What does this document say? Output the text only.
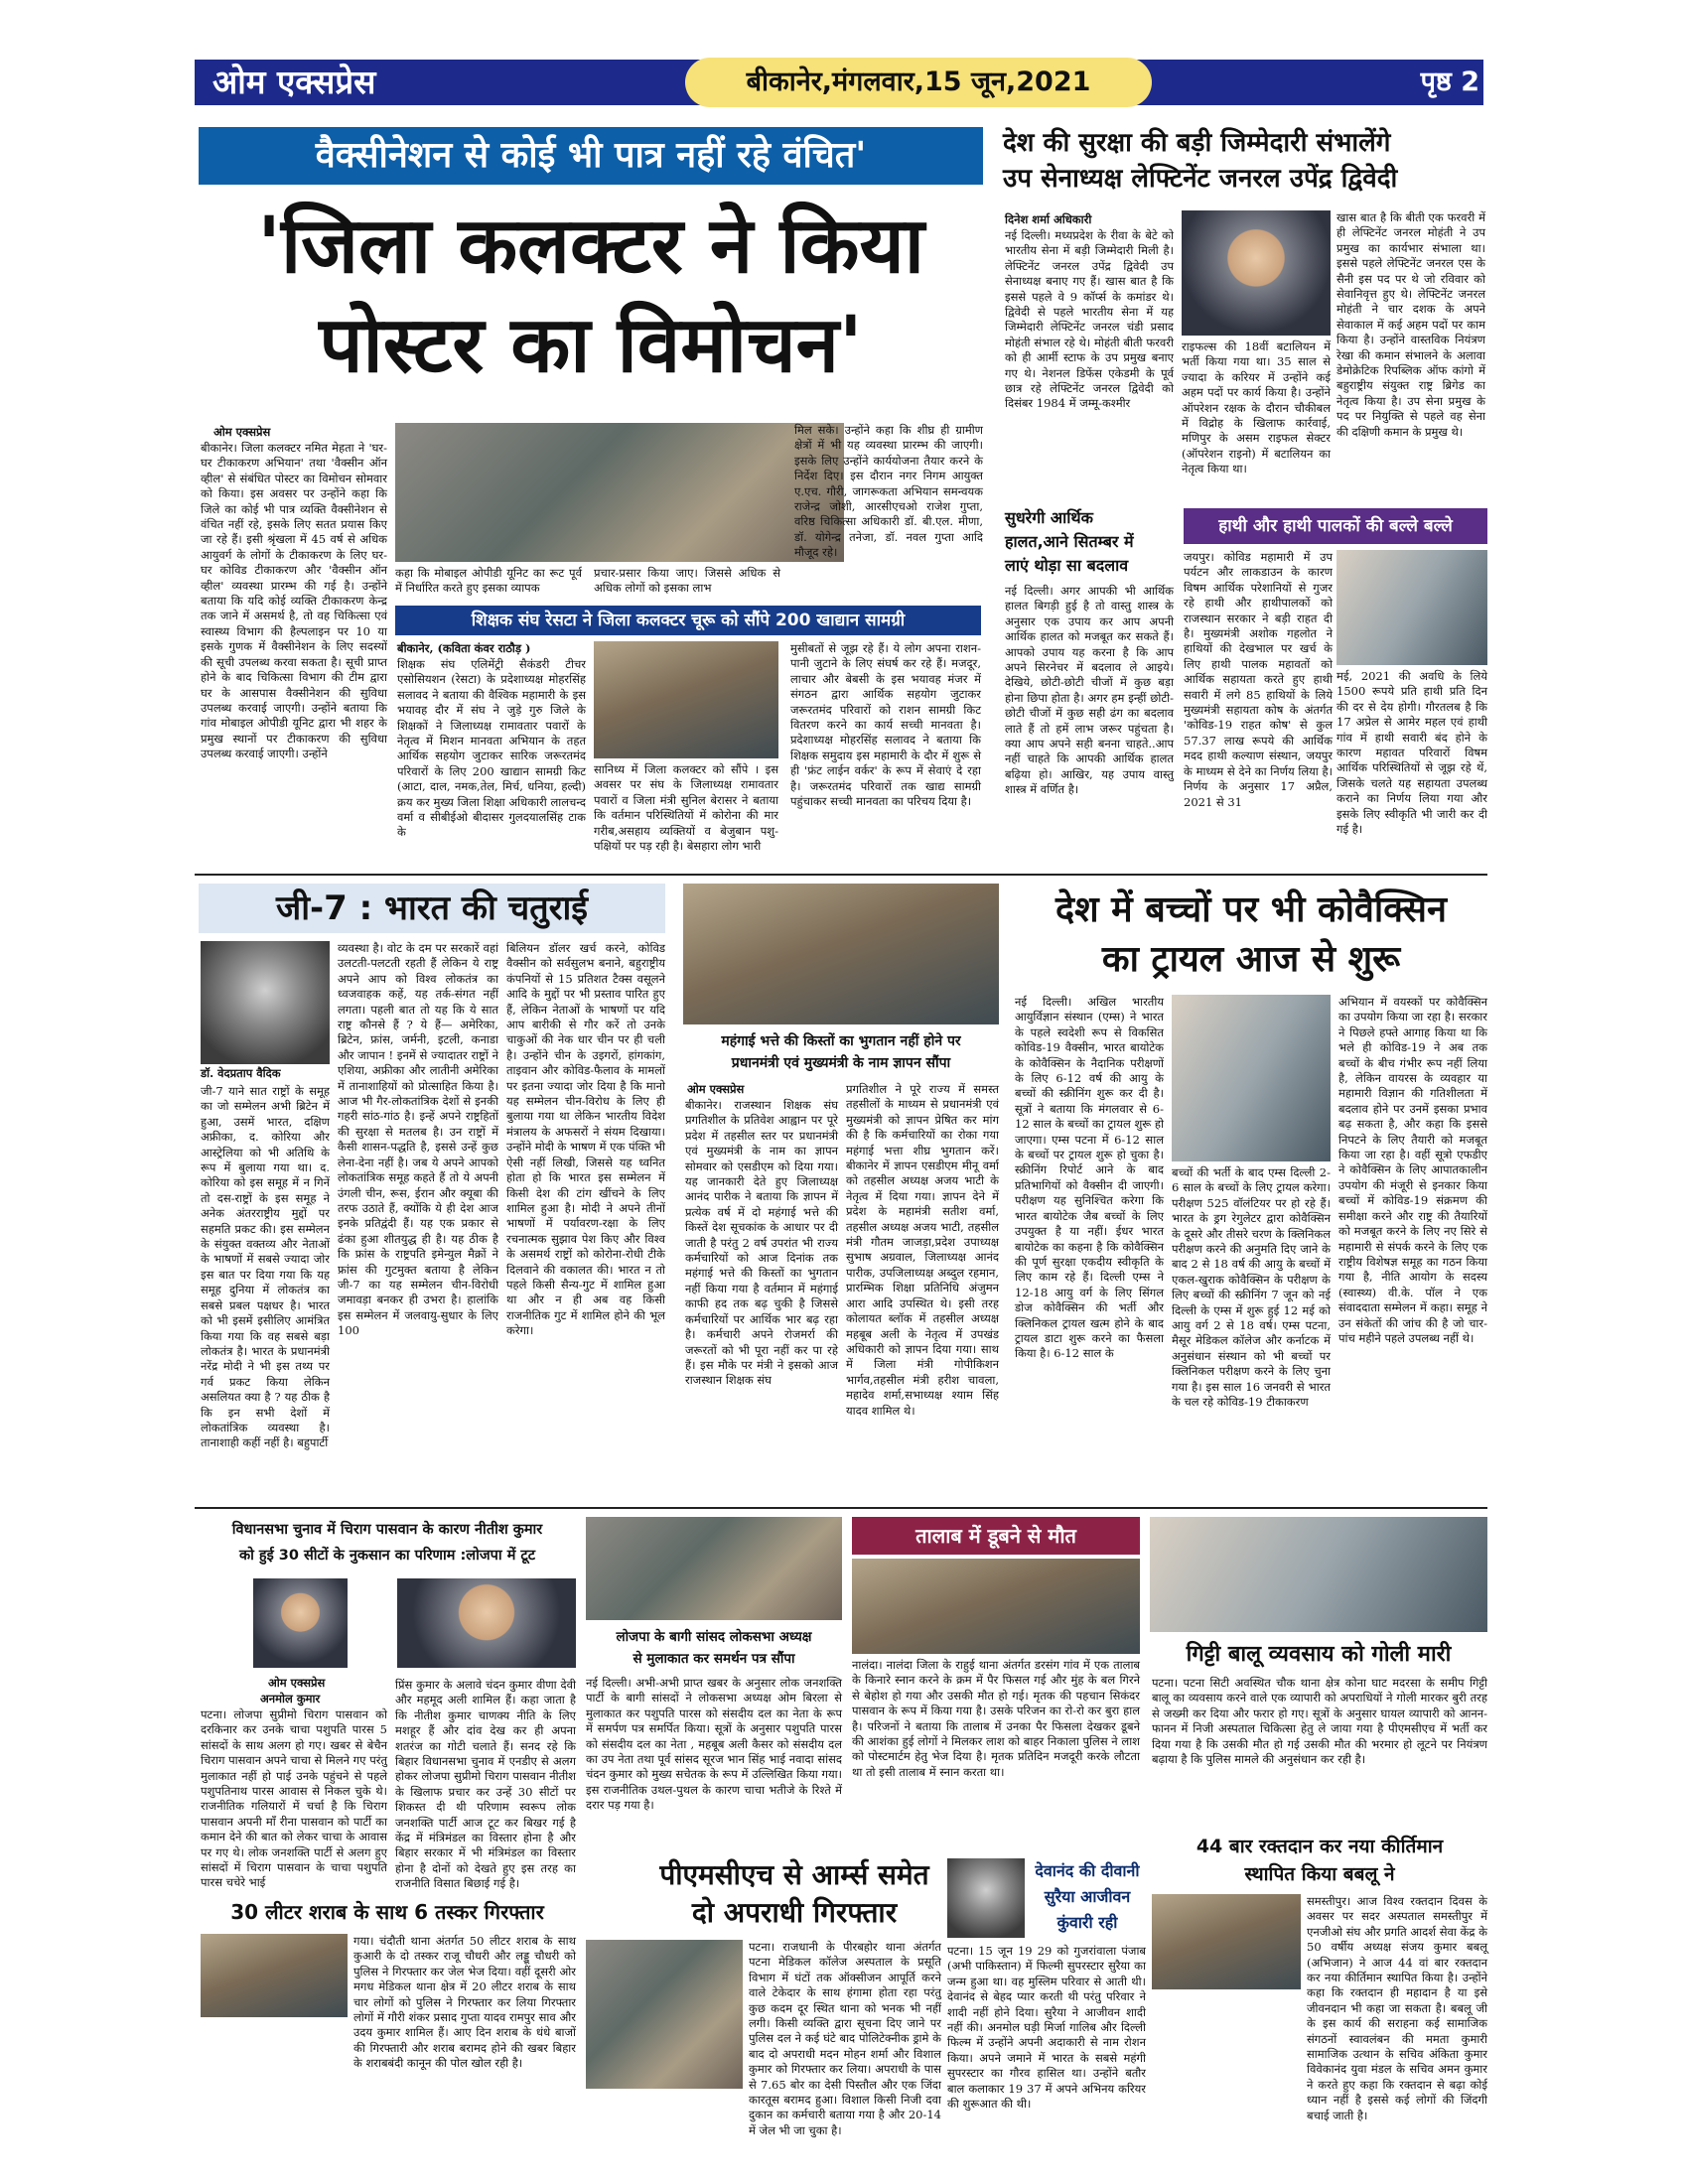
ओम एक्सप्रेस	बीकानेर,मंगलवार,15 जून,2021	पृष्ठ 2
वैक्सीनेशन से कोई भी पात्र नहीं रहे वंचित'
'जिला कलक्टर ने किया
पोस्टर का विमोचन'
ओम एक्सप्रेस
बीकानेर। जिला कलक्टर नमित मेहता ने 'घर-घर टीकाकरण अभियान' तथा 'वैक्सीन ऑन व्हील' से संबंधित पोस्टर का विमोचन सोमवार को किया। इस अवसर पर उन्होंने कहा कि जिले का कोई भी पात्र व्यक्ति वैक्सीनेशन से वंचित नहीं रहे, इसके लिए सतत प्रयास किए जा रहे हैं। इसी श्रृंखला में 45 वर्ष से अधिक आयुवर्ग के लोगों के टीकाकरण के लिए घर-घर कोविड टीकाकरण और 'वैक्सीन ऑन व्हील' व्यवस्था प्रारम्भ की गई है। उन्होंने बताया कि यदि कोई व्यक्ति टीकाकरण केन्द्र तक जाने में असमर्थ है, तो वह चिकित्सा एवं स्वास्थ्य विभाग की हैल्पलाइन पर 10 या इसके गुणक में वैक्सीनेशन के लिए सदस्यों की सूची उपलब्ध करवा सकता है। सूची प्राप्त होने के बाद चिकित्सा विभाग की टीम द्वारा घर के आसपास वैक्सीनेशन की सुविधा उपलब्ध करवाई जाएगी। उन्होंने बताया कि गांव मोबाइल ओपीडी यूनिट द्वारा भी शहर के प्रमुख स्थानों पर टीकाकरण की सुविधा उपलब्ध करवाई जाएगी। उन्होंने
कहा कि मोबाइल ओपीडी यूनिट का रूट पूर्व में निर्धारित करते हुए इसका व्यापक
प्रचार-प्रसार किया जाए। जिससे अधिक से अधिक लोगों को इसका लाभ
मिल सके। उन्होंने कहा कि शीघ्र ही ग्रामीण क्षेत्रों में भी यह व्यवस्था प्रारम्भ की जाएगी। इसके लिए उन्होंने कार्ययोजना तैयार करने के निर्देश दिए। इस दौरान नगर निगम आयुक्त ए.एच. गौरी, जागरूकता अभियान समन्वयक राजेन्द्र जोशी, आरसीएचओ राजेश गुप्ता, वरिष्ठ चिकित्सा अधिकारी डॉ. बी.एल. मीणा, डॉ. योगेन्द्र तनेजा, डॉ. नवल गुप्ता आदि मौजूद रहे।
शिक्षक संघ रेसटा ने जिला कलक्टर चूरू को सौंपे 200 खाद्यान सामग्री
बीकानेर, (कविता कंवर राठौड़ )
शिक्षक संघ एलिमेंट्री सैकंडरी टीचर एसोसियशन (रेसटा) के प्रदेशाध्यक्ष मोहरसिंह सलावद ने बताया की वैश्विक महामारी के इस भयावह दौर में संघ ने जुड़े गुरु जिले के शिक्षकों ने जिलाध्यक्ष रामावतार पवारों के नेतृत्व में मिशन मानवता अभियान के तहत आर्थिक सहयोग जुटाकर सारिक जरूरतमंद परिवारों के लिए 200 खाद्यान सामग्री किट (आटा, दाल, नमक,तेल, मिर्च, धनिया, हल्दी) क्रय कर मुख्य जिला शिक्षा अधिकारी लालचन्द वर्मा व सीबीईओ बीदासर गुलदयालसिंह टाक के
सानिध्य में जिला कलक्टर को सौंपे । इस अवसर पर संघ के जिलाध्यक्ष रामावतार पवारों व जिला मंत्री सुनिल बेरासर ने बताया कि वर्तमान परिस्थितियों में कोरोना की मार गरीब,असहाय व्यक्तियों व बेजुबान पशु-पक्षियों पर पड़ रही है। बेसहारा लोग भारी
मुसीबतों से जूझ रहे हैं। ये लोग अपना राशन-पानी जुटाने के लिए संघर्ष कर रहे हैं। मजदूर, लाचार और बेबसी के इस भयावह मंजर में संगठन द्वारा आर्थिक सहयोग जुटाकर जरूरतमंद परिवारों को राशन सामग्री किट वितरण करने का कार्य सच्ची मानवता है। प्रदेशाध्यक्ष मोहरसिंह सलावद ने बताया कि शिक्षक समुदाय इस महामारी के दौर में शुरू से ही 'फ्रंट लाईन वर्कर' के रूप में सेवाएं दे रहा है। जरूरतमंद परिवारों तक खाद्य सामग्री पहुंचाकर सच्ची मानवता का परिचय दिया है।
देश की सुरक्षा की बड़ी जिम्मेदारी संभालेंगे
उप सेनाध्यक्ष लेफ्टिनेंट जनरल उपेंद्र द्विवेदी
दिनेश शर्मा अधिकारी
नई दिल्ली। मध्यप्रदेश के रीवा के बेटे को भारतीय सेना में बड़ी जिम्मेदारी मिली है। लेफ्टिनेंट जनरल उपेंद्र द्विवेदी उप सेनाध्यक्ष बनाए गए हैं। खास बात है कि इससे पहले वे 9 कॉर्प्स के कमांडर थे। द्विवेदी से पहले भारतीय सेना में यह जिम्मेदारी लेफ्टिनेंट जनरल चंडी प्रसाद मोहंती संभाल रहे थे। मोहंती बीती फरवरी को ही आर्मी स्टाफ के उप प्रमुख बनाए गए थे। नेशनल डिफेंस एकेडमी के पूर्व छात्र रहे लेफ्टिनेंट जनरल द्विवेदी को दिसंबर 1984 में जम्मू-कश्मीर
राइफल्स की 18वीं बटालियन में भर्ती किया गया था। 35 साल से ज्यादा के करियर में उन्होंने कई अहम पदों पर कार्य किया है। उन्होंने ऑपरेशन रक्षक के दौरान चौकीबल में विद्रोह के खिलाफ कार्रवाई, मणिपुर के असम राइफल सेक्टर (ऑपरेशन राइनो) में बटालियन का नेतृत्व किया था।
खास बात है कि बीती एक फरवरी में ही लेफ्टिनेंट जनरल मोहंती ने उप प्रमुख का कार्यभार संभाला था। इससे पहले लेफ्टिनेंट जनरल एस के सैनी इस पद पर थे जो रविवार को सेवानिवृत्त हुए थे। लेफ्टिनेंट जनरल मोहंती ने चार दशक के अपने सेवाकाल में कई अहम पदों पर काम किया है। उन्होंने वास्तविक नियंत्रण रेखा की कमान संभालने के अलावा डेमोक्रेटिक रिपब्लिक ऑफ कांगो में बहुराष्ट्रीय संयुक्त राष्ट्र ब्रिगेड का नेतृत्व किया है। उप सेना प्रमुख के पद पर नियुक्ति से पहले वह सेना की दक्षिणी कमान के प्रमुख थे।
सुधरेगी आर्थिक
हालत,आने सितम्बर में
लाएं थोड़ा सा बदलाव
नई दिल्ली। अगर आपकी भी आर्थिक हालत बिगड़ी हुई है तो वास्तु शास्त्र के अनुसार एक उपाय कर आप अपनी आर्थिक हालत को मजबूत कर सकते हैं। आपको उपाय यह करना है कि आप अपने सिरनेचर में बदलाव ले आइये। देखिये, छोटी-छोटी चीजों में कुछ बड़ा होना छिपा होता है। अगर हम इन्हीं छोटी-छोटी चीजों में कुछ सही ढंग का बदलाव लाते हैं तो हमें लाभ जरूर पहुंचता है। क्या आप अपने सही बनना चाहते..आप नहीं चाहते कि आपकी आर्थिक हालत बढ़िया हो। आखिर, यह उपाय वास्तु शास्त्र में वर्णित है।
हाथी और हाथी पालकों की बल्ले बल्ले
जयपुर। कोविड महामारी में उप पर्यटन और लाकडाउन के कारण विषम आर्थिक परेशानियों से गुजर रहे हाथी और हाथीपालकों को राजस्थान सरकार ने बड़ी राहत दी है। मुख्यमंत्री अशोक गहलोत ने हाथियों की देखभाल पर खर्च के लिए हाथी पालक महावतों को आर्थिक सहायता करते हुए हाथी सवारी में लगे 85 हाथियों के लिये मुख्यमंत्री सहायता कोष के अंतर्गत 'कोविड-19 राहत कोष' से कुल 57.37 लाख रूपये की आर्थिक मदद हाथी कल्याण संस्थान, जयपुर के माध्यम से देने का निर्णय लिया है। निर्णय के अनुसार 17 अप्रैल, 2021 से 31
मई, 2021 की अवधि के लिये 1500 रूपये प्रति हाथी प्रति दिन की दर से देय होगी। गौरतलब है कि 17 अप्रेल से आमेर महल एवं हाथी गांव में हाथी सवारी बंद होने के कारण महावत परिवारों विषम आर्थिक परिस्थितियों से जूझ रहे थें, जिसके चलते यह सहायता उपलब्ध कराने का निर्णय लिया गया और इसके लिए स्वीकृति भी जारी कर दी गई है।
जी-7 : भारत की चतुराई
डॉ. वेदप्रताप वैदिक
जी-7 याने सात राष्ट्रों के समूह का जो सम्मेलन अभी ब्रिटेन में हुआ, उसमें भारत, दक्षिण अफ्रीका, द. कोरिया और आस्ट्रेलिया को भी अतिथि के रूप में बुलाया गया था। द. कोरिया को इस समूह में न गिनें तो दस-राष्ट्रों के इस समूह ने अनेक अंतरराष्ट्रीय मुद्दों पर सहमति प्रकट की। इस सम्मेलन के संयुक्त वक्तव्य और नेताओं के भाषणों में सबसे ज्यादा जोर इस बात पर दिया गया कि यह समूह दुनिया में लोकतंत्र का सबसे प्रबल पक्षधर है। भारत को भी इसमें इसीलिए आमंत्रित किया गया कि वह सबसे बड़ा लोकतंत्र है। भारत के प्रधानमंत्री नरेंद्र मोदी ने भी इस तथ्य पर गर्व प्रकट किया लेकिन असलियत क्या है ? यह ठीक है कि इन सभी देशों में लोकतांत्रिक व्यवस्था है। तानाशाही कहीं नहीं है। बहुपार्टी
व्यवस्था है। वोट के दम पर सरकारें वहां उलटती-पलटती रहती हैं लेकिन ये राष्ट्र अपने आप को विश्व लोकतंत्र का ध्वजवाहक कहें, यह तर्क-संगत नहीं लगता। पहली बात तो यह कि ये सात राष्ट्र कौनसे हैं ? ये हैं— अमेरिका, ब्रिटेन, फ्रांस, जर्मनी, इटली, कनाडा और जापान ! इनमें से ज्यादातर राष्ट्रों ने एशिया, अफ्रीका और लातीनी अमेरिका में तानाशाहियों को प्रोत्साहित किया है। आज भी गैर-लोकतांत्रिक देशों से इनकी गहरी सांठ-गांठ है। इन्हें अपने राष्ट्रहितों की सुरक्षा से मतलब है। उन राष्ट्रों में कैसी शासन-पद्धति है, इससे उन्हें कुछ लेना-देना नहीं है। जब ये अपने आपको लोकतांत्रिक समूह कहते हैं तो ये अपनी उंगली चीन, रूस, ईरान और क्यूबा की तरफ उठाते हैं, क्योंकि ये ही देश आज इनके प्रतिद्वंदी हैं। यह एक प्रकार से ढंका हुआ शीतयुद्ध ही है। यह ठीक है कि फ्रांस के राष्ट्रपति इमेन्युल मैक्रों ने फ्रांस की गुटमुक्त बताया है लेकिन जी-7 का यह सम्मेलन चीन-विरोधी जमावड़ा बनकर ही उभरा है। हालांकि इस सम्मेलन में जलवायु-सुधार के लिए 100
बिलियन डॉलर खर्च करने, कोविड वैक्सीन को सर्वसुलभ बनाने, बहुराष्ट्रीय कंपनियों से 15 प्रतिशत टैक्स वसूलने आदि के मुद्दों पर भी प्रस्ताव पारित हुए हैं, लेकिन नेताओं के भाषणों पर यदि आप बारीकी से गौर करें तो उनके चाकुओं की नेक धार चीन पर ही चली है। उन्होंने चीन के उइगरों, हांगकांग, ताइवान और कोविड-फैलाव के मामलों पर इतना ज्यादा जोर दिया है कि मानो यह सम्मेलन चीन-विरोध के लिए ही बुलाया गया था लेकिन भारतीय विदेश मंत्रालय के अफसरों ने संयम दिखाया। उन्होंने मोदी के भाषण में एक पंक्ति भी ऐसी नहीं लिखी, जिससे यह ध्वनित होता हो कि भारत इस सम्मेलन में किसी देश की टांग खींचने के लिए शामिल हुआ है। मोदी ने अपने तीनों भाषणों में पर्यावरण-रक्षा के लिए रचनात्मक सुझाव पेश किए और विश्व के असमर्थ राष्ट्रों को कोरोना-रोधी टीके दिलवाने की वकालत की। भारत न तो पहले किसी सैन्य-गुट में शामिल हुआ था और न ही अब वह किसी राजनीतिक गुट में शामिल होने की भूल करेगा।
महंगाई भत्ते की किस्तों का भुगतान नहीं होने पर
प्रधानमंत्री एवं मुख्यमंत्री के नाम ज्ञापन सौंपा
ओम एक्सप्रेस
बीकानेर। राजस्थान शिक्षक संघ प्रगतिशील के प्रतिवेश आह्वान पर पूरे प्रदेश में तहसील स्तर पर प्रधानमंत्री एवं मुख्यमंत्री के नाम का ज्ञापन सोमवार को एसडीएम को दिया गया। यह जानकारी देते हुए जिलाध्यक्ष आनंद पारीक ने बताया कि ज्ञापन में प्रत्येक वर्ष में दो महंगाई भत्ते की किस्तें देश सूचकांक के आधार पर दी जाती है परंतु 2 वर्ष उपरांत भी राज्य कर्मचारियों को आज दिनांक तक महंगाई भत्ते की किस्तों का भुगतान नहीं किया गया है वर्तमान में महंगाई काफी हद तक बढ़ चुकी है जिससे कर्मचारियों पर आर्थिक भार बढ़ रहा है। कर्मचारी अपने रोजमर्रा की जरूरतों को भी पूरा नहीं कर पा रहे हैं। इस मौके पर मंत्री ने इसको आज राजस्थान शिक्षक संघ
प्रगतिशील ने पूरे राज्य में समस्त तहसीलों के माध्यम से प्रधानमंत्री एवं मुख्यमंत्री को ज्ञापन प्रेषित कर मांग की है कि कर्मचारियों का रोका गया महंगाई भत्ता शीघ्र भुगतान करें। बीकानेर में ज्ञापन एसडीएम मीनू वर्मा को तहसील अध्यक्ष अजय भाटी के नेतृत्व में दिया गया। ज्ञापन देने में प्रदेश के महामंत्री सतीश वर्मा, तहसील अध्यक्ष अजय भाटी, तहसील मंत्री गौतम जाजड़ा,प्रदेश उपाध्यक्ष सुभाष अग्रवाल, जिलाध्यक्ष आनंद पारीक, उपजिलाध्यक्ष अब्दुल रहमान, प्रारम्भिक शिक्षा प्रतिनिधि अंजुमन आरा आदि उपस्थित थे। इसी तरह कोलायत ब्लॉक में तहसील अध्यक्ष महबूब अली के नेतृत्व में उपखंड अधिकारी को ज्ञापन दिया गया। साथ में जिला मंत्री गोपीकिशन भार्गव,तहसील मंत्री हरीश चावला, महादेव शर्मा,सभाध्यक्ष श्याम सिंह यादव शामिल थे।
देश में बच्चों पर भी कोवैक्सिन
का ट्रायल आज से शुरू
नई दिल्ली। अखिल भारतीय आयुर्विज्ञान संस्थान (एम्स) ने भारत के पहले स्वदेशी रूप से विकसित कोविड-19 वैक्सीन, भारत बायोटेक के कोवैक्सिन के नैदानिक परीक्षणों के लिए 6-12 वर्ष की आयु के बच्चों की स्क्रीनिंग शुरू कर दी है। सूत्रों ने बताया कि मंगलवार से 6-12 साल के बच्चों का ट्रायल शुरू हो जाएगा। एम्स पटना में 6-12 साल के बच्चों पर ट्रायल शुरू हो चुका है। स्क्रीनिंग रिपोर्ट आने के बाद प्रतिभागियों को वैक्सीन दी जाएगी। परीक्षण यह सुनिश्चित करेगा कि भारत बायोटेक जैब बच्चों के लिए उपयुक्त है या नहीं। ईधर भारत बायोटेक का कहना है कि कोवैक्सिन की पूर्ण सुरक्षा एकदीय स्वीकृति के लिए काम रहे हैं। दिल्ली एम्स ने 12-18 आयु वर्ग के लिए सिंगल डोज कोवैक्सिन की भर्ती और क्लिनिकल ट्रायल खत्म होने के बाद ट्रायल डाटा शुरू करने का फैसला किया है। 6-12 साल के
बच्चों की भर्ती के बाद एम्स दिल्ली 2-6 साल के बच्चों के लिए ट्रायल करेगा। परीक्षण 525 वॉलंटियर पर हो रहे हैं। भारत के ड्रग रेगुलेटर द्वारा कोवैक्सिन के दूसरे और तीसरे चरण के क्लिनिकल परीक्षण करने की अनुमति दिए जाने के बाद 2 से 18 वर्ष की आयु के बच्चों में एकल-खुराक कोवैक्सिन के परीक्षण के लिए बच्चों की स्क्रीनिंग 7 जून को नई दिल्ली के एम्स में शुरू हुई 12 मई को आयु वर्ग 2 से 18 वर्ष। एम्स पटना, मैसूर मेडिकल कॉलेज और कर्नाटक में अनुसंधान संस्थान को भी बच्चों पर क्लिनिकल परीक्षण करने के लिए चुना गया है। इस साल 16 जनवरी से भारत के चल रहे कोविड-19 टीकाकरण
अभियान में वयस्कों पर कोवैक्सिन का उपयोग किया जा रहा है। सरकार ने पिछले हफ्ते आगाह किया था कि भले ही कोविड-19 ने अब तक बच्चों के बीच गंभीर रूप नहीं लिया है, लेकिन वायरस के व्यवहार या महामारी विज्ञान की गतिशीलता में बदलाव होने पर उनमें इसका प्रभाव बढ़ सकता है, और कहा कि इससे निपटने के लिए तैयारी को मजबूत किया जा रहा है। वहीं सूत्रो एफडीए ने कोवैक्सिन के लिए आपातकालीन उपयोग की मंजूरी से इनकार किया बच्चों में कोविड-19 संक्रमण की समीक्षा करने और राष्ट्र की तैयारियों को मजबूत करने के लिए नए सिरे से महामारी से संपर्क करने के लिए एक राष्ट्रीय विशेषज्ञ समूह का गठन किया गया है, नीति आयोग के सदस्य (स्वास्थ्य) वी.के. पॉल ने एक संवाददाता सम्मेलन में कहा। समूह ने उन संकेतों की जांच की है जो चार-पांच महीने पहले उपलब्ध नहीं थे।
विधानसभा चुनाव में चिराग पासवान के कारण नीतीश कुमार
को हुई 30 सीटों के नुकसान का परिणाम :लोजपा में टूट
ओम एक्सप्रेस
अनमोल कुमार
पटना। लोजपा सुप्रीमो चिराग पासवान को दरकिनार कर उनके चाचा पशुपति पारस 5 सांसदों के साथ अलग हो गए। खबर से बेचैन चिराग पासवान अपने चाचा से मिलने गए परंतु मुलाकात नहीं हो पाई उनके पहुंचने से पहले पशुपतिनाथ पारस आवास से निकल चुके थे। राजनीतिक गलियारों में चर्चा है कि चिराग पासवान अपनी माँ रीना पासवान को पार्टी का कमान देने की बात को लेकर चाचा के आवास पर गए थे। लोक जनशक्ति पार्टी से अलग हुए सांसदों में चिराग पासवान के चाचा पशुपति पारस चचेरे भाई
प्रिंस कुमार के अलावे चंदन कुमार वीणा देवी और महमूद अली शामिल हैं। कहा जाता है कि नीतीश कुमार चाणक्य नीति के लिए मशहूर हैं और दांव देख कर ही अपना शतरंज का गोटी चलाते हैं। सनद रहे कि बिहार विधानसभा चुनाव में एनडीए से अलग होकर लोजपा सुप्रीमो चिराग पासवान नीतीश के खिलाफ प्रचार कर उन्हें 30 सीटों पर शिकस्त दी थी परिणाम स्वरूप लोक जनशक्ति पार्टी आज टूट कर बिखर गई है केंद्र में मंत्रिमंडल का विस्तार होना है और बिहार सरकार में भी मंत्रिमंडल का विस्तार होना है दोनों को देखते हुए इस तरह का राजनीति विसात बिछाई गई है।
लोजपा के बागी सांसद लोकसभा अध्यक्ष
से मुलाकात कर समर्थन पत्र सौंपा
नई दिल्ली। अभी-अभी प्राप्त खबर के अनुसार लोक जनशक्ति पार्टी के बागी सांसदों ने लोकसभा अध्यक्ष ओम बिरला से मुलाकात कर पशुपति पारस को संसदीय दल का नेता के रूप में समर्पण पत्र समर्पित किया। सूत्रों के अनुसार पशुपति पारस को संसदीय दल का नेता , महबूब अली कैसर को संसदीय दल का उप नेता तथा पूर्व सांसद सूरज भान सिंह भाई नवादा सांसद चंदन कुमार को मुख्य सचेतक के रूप में उल्लिखित किया गया। इस राजनीतिक उथल-पुथल के कारण चाचा भतीजे के रिश्ते में दरार पड़ गया है।
तालाब में डूबने से मौत
नालंदा। नालंदा जिला के राहुई थाना अंतर्गत डरसंग गांव में एक तालाब के किनारे स्नान करने के क्रम में पैर फिसल गई और मुंह के बल गिरने से बेहोश हो गया और उसकी मौत हो गई। मृतक की पहचान सिकंदर पासवान के रूप में किया गया है। उसके परिजन का रो-रो कर बुरा हाल है। परिजनों ने बताया कि तालाब में उनका पैर फिसला देखकर डूबने की आशंका हुई लोगों ने मिलकर लाश को बाहर निकाला पुलिस ने लाश को पोस्टमार्टम हेतु भेज दिया है। मृतक प्रतिदिन मजदूरी करके लौटता था तो इसी तालाब में स्नान करता था।
गिट्टी बालू व्यवसाय को गोली मारी
पटना। पटना सिटी अवस्थित चौक थाना क्षेत्र कोना घाट मदरसा के समीप गिट्टी बालू का व्यवसाय करने वाले एक व्यापारी को अपराधियों ने गोली मारकर बुरी तरह से जख्मी कर दिया और फरार हो गए। सूत्रों के अनुसार घायल व्यापारी को आनन-फानन में निजी अस्पताल चिकित्सा हेतु ले जाया गया है पीएमसीएच में भर्ती कर दिया गया है कि उसकी मौत हो गई उसकी मौत की भरमार हो लूटने पर नियंत्रण बढ़ाया है कि पुलिस मामले की अनुसंधान कर रही है।
44 बार रक्तदान कर नया कीर्तिमान
स्थापित किया बबलू ने
समस्तीपुर। आज विश्व रक्तदान दिवस के अवसर पर सदर अस्पताल समस्तीपुर में एनजीओ संघ और प्रगति आदर्श सेवा केंद्र के 50 वर्षीय अध्यक्ष संजय कुमार बबलू (अभिजान) ने आज 44 वां बार रक्तदान कर नया कीर्तिमान स्थापित किया है। उन्होंने कहा कि रक्तदान ही महादान है या इसे जीवनदान भी कहा जा सकता है। बबलू जी के इस कार्य की सराहना कई सामाजिक संगठनों स्वावलंबन की ममता कुमारी सामाजिक उत्थान के सचिव अंकिता कुमार विवेकानंद युवा मंडल के सचिव अमन कुमार ने करते हुए कहा कि रक्तदान से बढ़ा कोई ध्यान नहीं है इससे कई लोगों की जिंदगी बचाई जाती है।
पीएमसीएच से आर्म्स समेत
दो अपराधी गिरफ्तार
पटना। राजधानी के पीरबहोर थाना अंतर्गत पटना मेडिकल कॉलेज अस्पताल के प्रसूति विभाग में घंटों तक ऑक्सीजन आपूर्ति करने वाले टेकेदार के साथ हंगामा होता रहा परंतु कुछ कदम दूर स्थित थाना को भनक भी नहीं लगी। किसी व्यक्ति द्वारा सूचना दिए जाने पर पुलिस दल ने कई घंटे बाद पोलिटेक्नीक ड्रामे के बाद दो अपराधी मदन मोहन शर्मा और विशाल कुमार को गिरफ्तार कर लिया। अपराधी के पास से 7.65 बोर का देसी पिस्तौल और एक जिंदा कारतूस बरामद हुआ। विशाल किसी निजी दवा दुकान का कर्मचारी बताया गया है और 20-14 में जेल भी जा चुका है।
देवानंद की दीवानी
सुरैया आजीवन
कुंवारी रही
पटना। 15 जून 19 29 को गुजरांवाला पंजाब (अभी पाकिस्तान) में फिल्मी सुपरस्टार सुरैया का जन्म हुआ था। वह मुस्लिम परिवार से आती थी। देवानंद से बेहद प्यार करती थी परंतु परिवार ने शादी नहीं होने दिया। सुरैया ने आजीवन शादी नहीं की। अनमोल घड़ी मिर्जा गालिब और दिल्ली फिल्म में उन्होंने अपनी अदाकारी से नाम रोशन किया। अपने जमाने में भारत के सबसे महंगी सुपरस्टार का गौरव हासिल था। उन्होंने बतौर बाल कलाकार 19 37 में अपने अभिनय करियर की शुरूआत की थी।
30 लीटर शराब के साथ 6 तस्कर गिरफ्तार
गया। चंदौती थाना अंतर्गत 50 लीटर शराब के साथ कुआरी के दो तस्कर राजू चौधरी और लड्डू चौधरी को पुलिस ने गिरफ्तार कर जेल भेज दिया। वहीं दूसरी ओर मगध मेडिकल थाना क्षेत्र में 20 लीटर शराब के साथ चार लोगों को पुलिस ने गिरफ्तार कर लिया गिरफ्तार लोगों में गौरी शंकर प्रसाद गुप्ता यादव रामपुर साव और उदय कुमार शामिल हैं। आए दिन शराब के धंधे बाजों की गिरफ्तारी और शराब बरामद होने की खबर बिहार के शराबबंदी कानून की पोल खोल रही है।
